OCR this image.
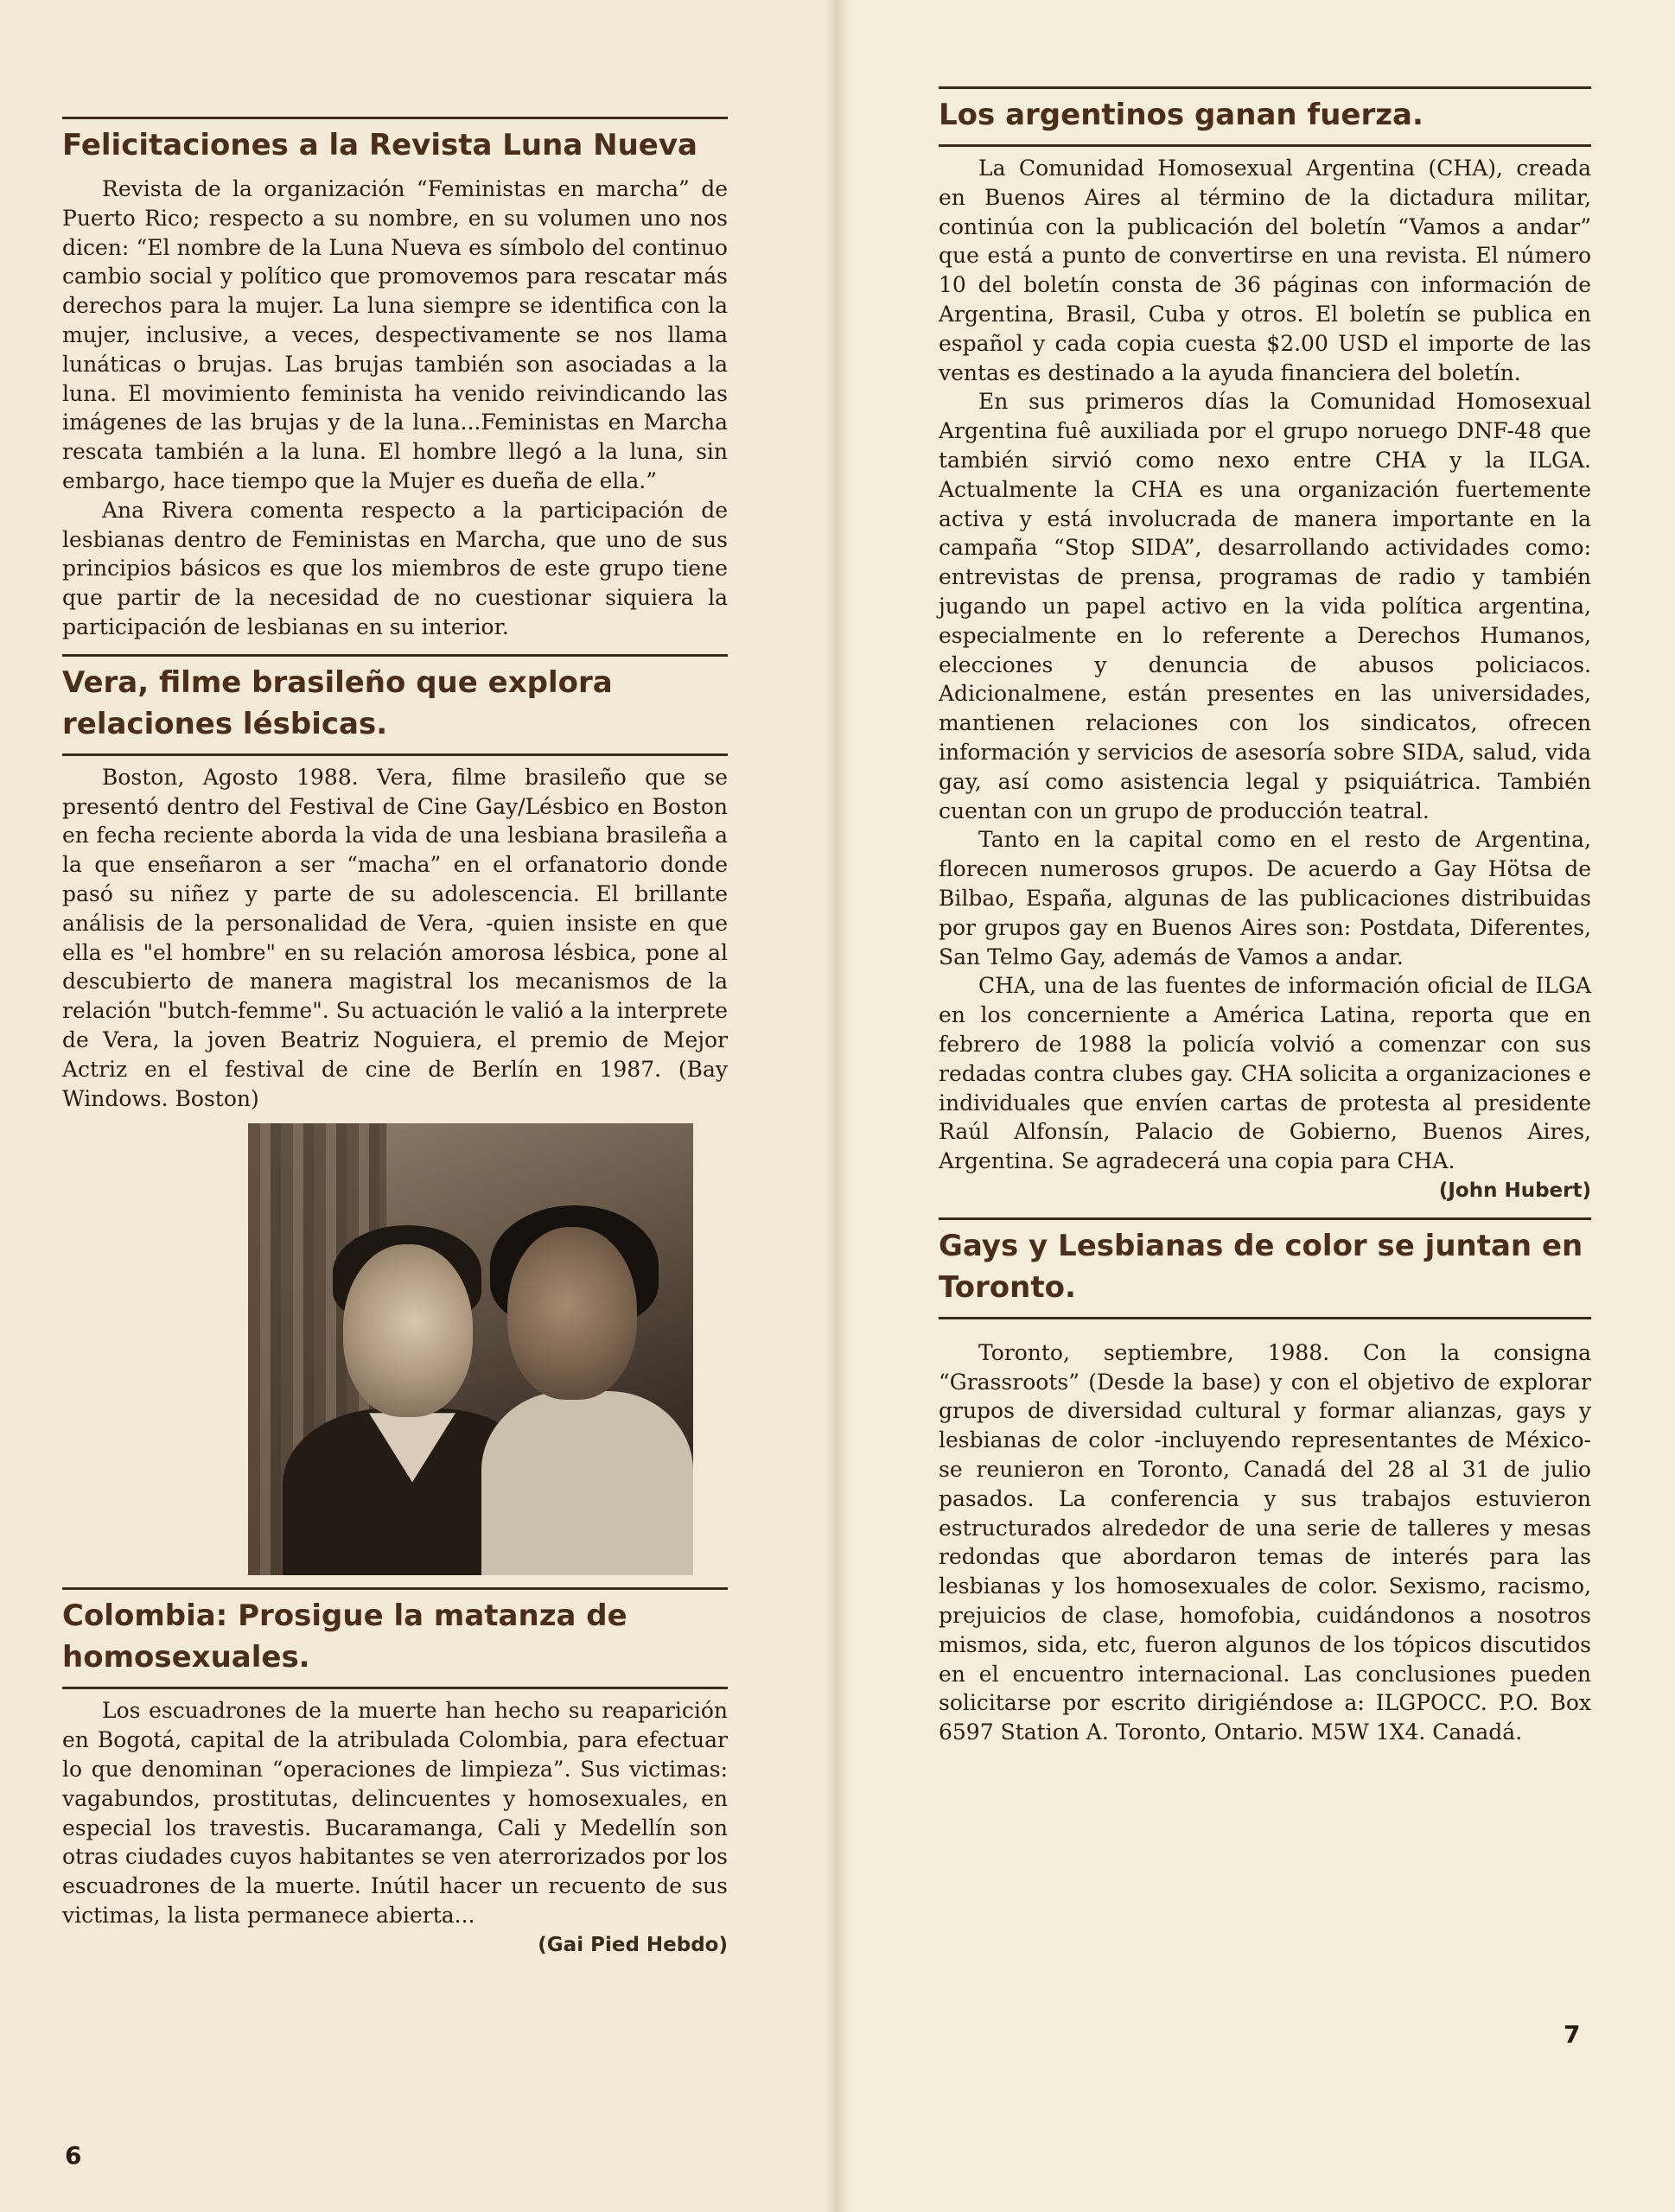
Felicitaciones a la Revista Luna Nueva

Revista de la organización “Feministas en marcha” de Puerto Rico; respecto a su nombre, en su volumen uno nos dicen: “El nombre de la Luna Nueva es símbolo del continuo cambio social y político que promovemos para rescatar más derechos para la mujer. La luna siempre se identifica con la mujer, inclusive, a veces, despectivamente se nos llama lunáticas o brujas. Las brujas también son asociadas a la luna. El movimiento feminista ha venido reivindicando las imágenes de las brujas y de la luna...Feministas en Marcha rescata también a la luna. El hombre llegó a la luna, sin embargo, hace tiempo que la Mujer es dueña de ella.”

Ana Rivera comenta respecto a la participación de lesbianas dentro de Feministas en Marcha, que uno de sus principios básicos es que los miembros de este grupo tiene que partir de la necesidad de no cuestionar siquiera la participación de lesbianas en su interior.

Vera, filme brasileño que explora relaciones lésbicas.

Boston, Agosto 1988. Vera, filme brasileño que se presentó dentro del Festival de Cine Gay/Lésbico en Boston en fecha reciente aborda la vida de una lesbiana brasileña a la que enseñaron a ser “macha” en el orfanatorio donde pasó su niñez y parte de su adolescencia. El brillante análisis de la personalidad de Vera, -quien insiste en que ella es "el hombre" en su relación amorosa lésbica, pone al descubierto de manera magistral los mecanismos de la relación "butch-femme". Su actuación le valió a la interprete de Vera, la joven Beatriz Noguiera, el premio de Mejor Actriz en el festival de cine de Berlín en 1987. (Bay Windows. Boston)

Colombia: Prosigue la matanza de homosexuales.

Los escuadrones de la muerte han hecho su reaparición en Bogotá, capital de la atribulada Colombia, para efectuar lo que denominan “operaciones de limpieza”. Sus victimas: vagabundos, prostitutas, delincuentes y homosexuales, en especial los travestis. Bucaramanga, Cali y Medellín son otras ciudades cuyos habitantes se ven aterrorizados por los escuadrones de la muerte. Inútil hacer un recuento de sus victimas, la lista permanece abierta...

(Gai Pied Hebdo)
6
Los argentinos ganan fuerza.

La Comunidad Homosexual Argentina (CHA), creada en Buenos Aires al término de la dictadura militar, continúa con la publicación del boletín “Vamos a andar” que está a punto de convertirse en una revista. El número 10 del boletín consta de 36 páginas con información de Argentina, Brasil, Cuba y otros. El boletín se publica en español y cada copia cuesta $2.00 USD el importe de las ventas es destinado a la ayuda financiera del boletín.

En sus primeros días la Comunidad Homosexual Argentina fuê auxiliada por el grupo noruego DNF-48 que también sirvió como nexo entre CHA y la ILGA. Actualmente la CHA es una organización fuertemente activa y está involucrada de manera importante en la campaña “Stop SIDA”, desarrollando actividades como: entrevistas de prensa, programas de radio y también jugando un papel activo en la vida política argentina, especialmente en lo referente a Derechos Humanos, elecciones y denuncia de abusos policiacos. Adicionalmene, están presentes en las universidades, mantienen relaciones con los sindicatos, ofrecen información y servicios de asesoría sobre SIDA, salud, vida gay, así como asistencia legal y psiquiátrica. También cuentan con un grupo de producción teatral.

Tanto en la capital como en el resto de Argentina, florecen numerosos grupos. De acuerdo a Gay Hötsa de Bilbao, España, algunas de las publicaciones distribuidas por grupos gay en Buenos Aires son: Postdata, Diferentes, San Telmo Gay, además de Vamos a andar.

CHA, una de las fuentes de información oficial de ILGA en los concerniente a América Latina, reporta que en febrero de 1988 la policía volvió a comenzar con sus redadas contra clubes gay. CHA solicita a organizaciones e individuales que envíen cartas de protesta al presidente Raúl Alfonsín, Palacio de Gobierno, Buenos Aires, Argentina. Se agradecerá una copia para CHA.

(John Hubert)
Gays y Lesbianas de color se juntan en Toronto.

Toronto, septiembre, 1988. Con la consigna “Grassroots” (Desde la base) y con el objetivo de explorar grupos de diversidad cultural y formar alianzas, gays y lesbianas de color -incluyendo representantes de México- se reunieron en Toronto, Canadá del 28 al 31 de julio pasados. La conferencia y sus trabajos estuvieron estructurados alrededor de una serie de talleres y mesas redondas que abordaron temas de interés para las lesbianas y los homosexuales de color. Sexismo, racismo, prejuicios de clase, homofobia, cuidándonos a nosotros mismos, sida, etc, fueron algunos de los tópicos discutidos en el encuentro internacional. Las conclusiones pueden solicitarse por escrito dirigiéndose a: ILGPOCC. P.O. Box 6597 Station A. Toronto, Ontario. M5W 1X4. Canadá.

7
